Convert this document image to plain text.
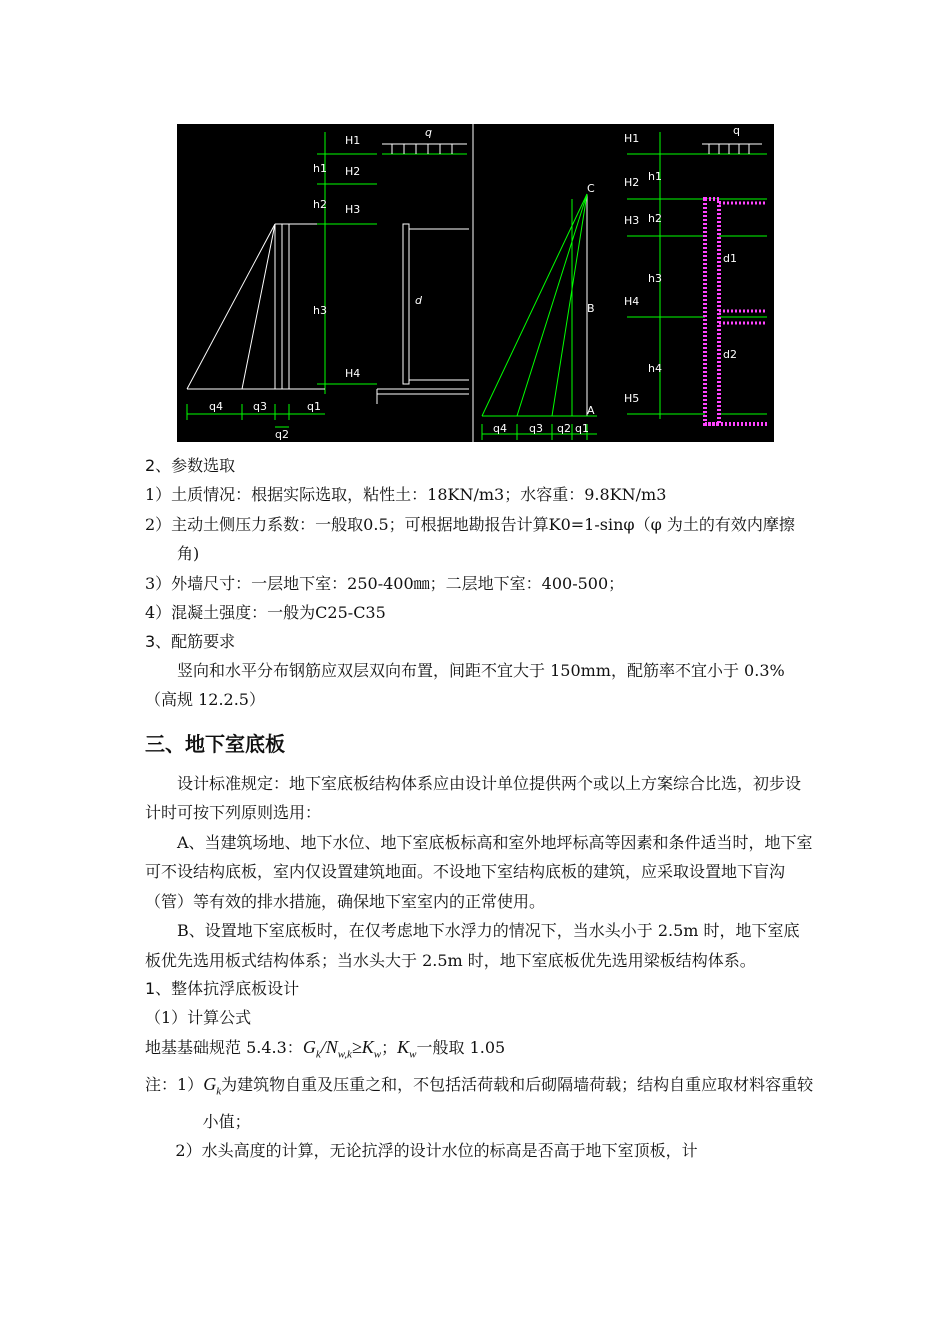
q
H1
H2
H3
H4
h1
h2
h3
d
q1
q2
q3
q4
q
H1
H2
H3
H4
H5
h1
h2
h3
h4
d1
d2
A
B
C
q1
q2
q3
q4

2、参数选取

1）土质情况：根据实际选取，粘性土：18KN/m3；水容重：9.8KN/m3

2）主动土侧压力系数：一般取0.5；可根据地勘报告计算K0=1-sinφ（φ 为土的有效内摩擦角)

3）外墙尺寸：一层地下室：250-400㎜；二层地下室：400-500；

4）混凝土强度：一般为C25-C35

3、配筋要求

竖向和水平分布钢筋应双层双向布置，间距不宜大于 150mm，配筋率不宜小于 0.3%（高规 12.2.5）

三、地下室底板

设计标准规定：地下室底板结构体系应由设计单位提供两个或以上方案综合比选，初步设计时可按下列原则选用：

A、当建筑场地、地下水位、地下室底板标高和室外地坪标高等因素和条件适当时，地下室可不设结构底板，室内仅设置建筑地面。不设地下室结构底板的建筑，应采取设置地下盲沟（管）等有效的排水措施，确保地下室室内的正常使用。

B、设置地下室底板时，在仅考虑地下水浮力的情况下，当水头小于 2.5m 时，地下室底板优先选用板式结构体系；当水头大于 2.5m 时，地下室底板优先选用梁板结构体系。

1、整体抗浮底板设计

（1）计算公式

地基基础规范 5.4.3：$G_k/N_{w,k}\ge K_w$；$K_w$一般取 1.05

注：$1)G_k$为建筑物自重及压重之和，不包括活荷载和后砌隔墙荷载；结构自重应取材料容重较小值；

2）水头高度的计算，无论抗浮的设计水位的标高是否高于地下室顶板，计
